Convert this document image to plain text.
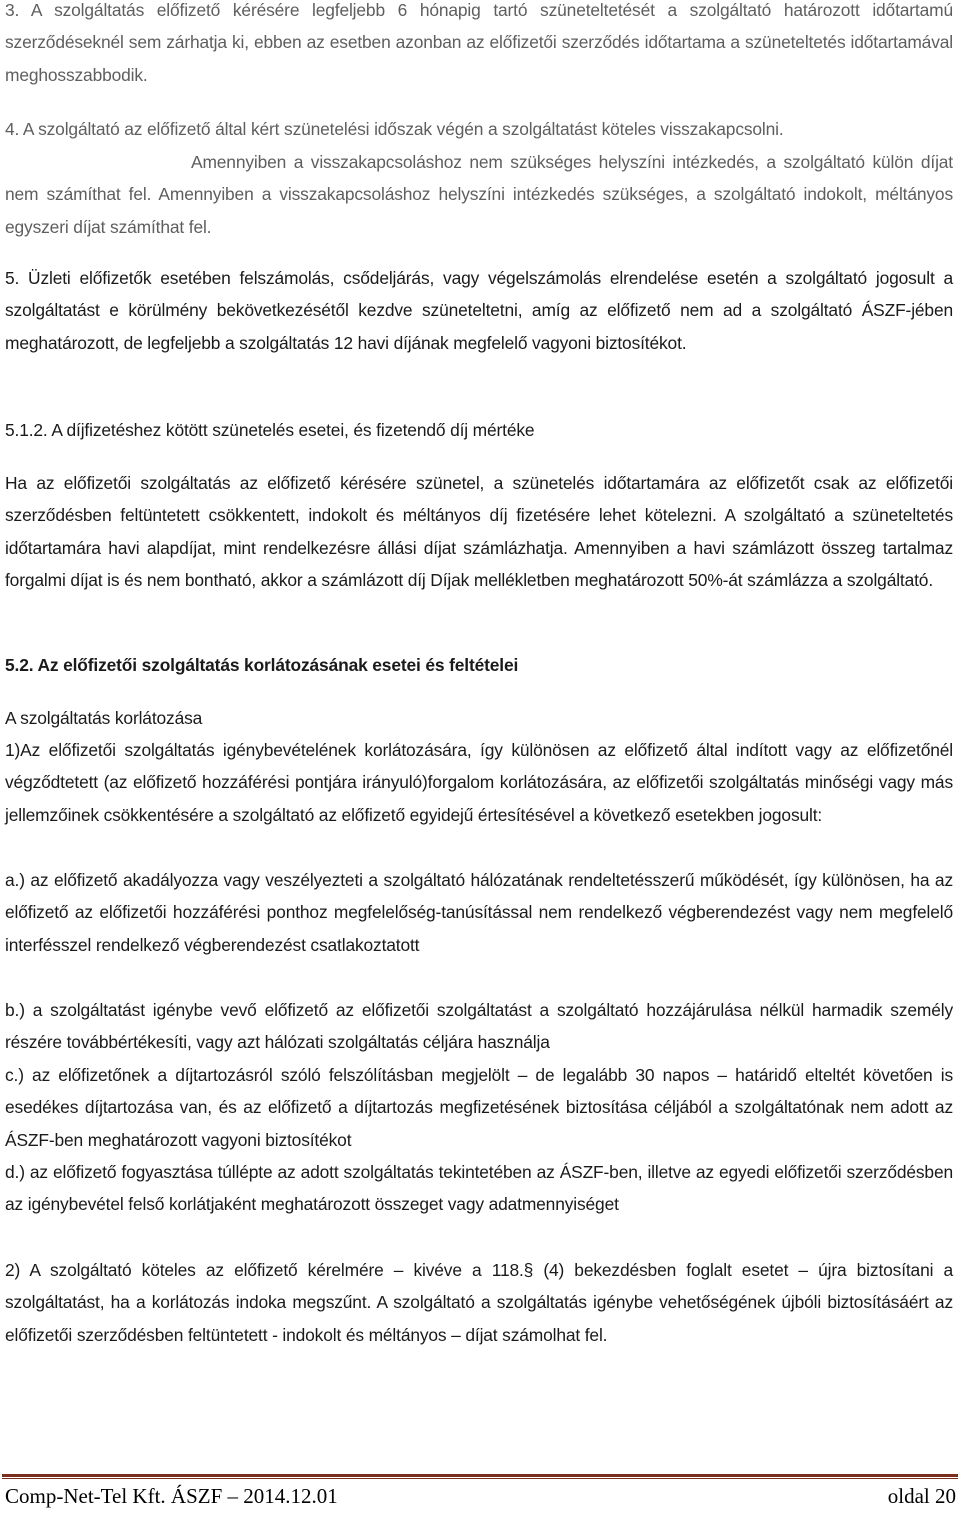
3. A szolgáltatás előfizető kérésére legfeljebb 6 hónapig tartó szüneteltetését a szolgáltató határozott időtartamú szerződéseknél sem zárhatja ki, ebben az esetben azonban az előfizetői szerződés időtartama a szüneteltetés időtartamával meghosszabbodik.

4. A szolgáltató az előfizető által kért szünetelési időszak végén a szolgáltatást köteles visszakapcsolni.

Amennyiben a visszakapcsoláshoz nem szükséges helyszíni intézkedés, a szolgáltató külön díjat nem számíthat fel. Amennyiben a visszakapcsoláshoz helyszíni intézkedés szükséges, a szolgáltató indokolt, méltányos egyszeri díjat számíthat fel.

5. Üzleti előfizetők esetében felszámolás, csődeljárás, vagy végelszámolás elrendelése esetén a szolgáltató jogosult a szolgáltatást e körülmény bekövetkezésétől kezdve szüneteltetni, amíg az előfizető nem ad a szolgáltató ÁSZF-jében meghatározott, de legfeljebb a szolgáltatás 12 havi díjának megfelelő vagyoni biztosítékot.

5.1.2. A díjfizetéshez kötött szünetelés esetei, és fizetendő díj mértéke

Ha az előfizetői szolgáltatás az előfizető kérésére szünetel, a szünetelés időtartamára az előfizetőt csak az előfizetői szerződésben feltüntetett csökkentett, indokolt és méltányos díj fizetésére lehet kötelezni. A szolgáltató a szüneteltetés időtartamára havi alapdíjat, mint rendelkezésre állási díjat számlázhatja. Amennyiben a havi számlázott összeg tartalmaz forgalmi díjat is és nem bontható, akkor a számlázott díj Díjak mellékletben meghatározott 50%-át számlázza a szolgáltató.

5.2. Az előfizetői szolgáltatás korlátozásának esetei és feltételei

A szolgáltatás korlátozása

1)Az előfizetői szolgáltatás igénybevételének korlátozására, így különösen az előfizető által indított vagy az előfizetőnél végződtetett (az előfizető hozzáférési pontjára irányuló)forgalom korlátozására, az előfizetői szolgáltatás minőségi vagy más jellemzőinek csökkentésére a szolgáltató az előfizető egyidejű értesítésével a következő esetekben jogosult:

a.) az előfizető akadályozza vagy veszélyezteti a szolgáltató hálózatának rendeltetésszerű működését, így különösen, ha az előfizető az előfizetői hozzáférési ponthoz megfelelőség-tanúsítással nem rendelkező végberendezést vagy nem megfelelő interfésszel rendelkező végberendezést csatlakoztatott

b.) a szolgáltatást igénybe vevő előfizető az előfizetői szolgáltatást a szolgáltató hozzájárulása nélkül harmadik személy részére továbbértékesíti, vagy azt hálózati szolgáltatás céljára használja

c.) az előfizetőnek a díjtartozásról szóló felszólításban megjelölt – de legalább 30 napos – határidő elteltét követően is esedékes díjtartozása van, és az előfizető a díjtartozás megfizetésének biztosítása céljából a szolgáltatónak nem adott az ÁSZF-ben meghatározott vagyoni biztosítékot

d.) az előfizető fogyasztása túllépte az adott szolgáltatás tekintetében az ÁSZF-ben, illetve az egyedi előfizetői szerződésben az igénybevétel felső korlátjaként meghatározott összeget vagy adatmennyiséget

2) A szolgáltató köteles az előfizető kérelmére – kivéve a 118.§ (4) bekezdésben foglalt esetet – újra biztosítani a szolgáltatást, ha a korlátozás indoka megszűnt. A szolgáltató a szolgáltatás igénybe vehetőségének újbóli biztosításáért az előfizetői szerződésben feltüntetett - indokolt és méltányos – díjat számolhat fel.

Comp-Net-Tel Kft. ÁSZF – 2014.12.01	oldal 20
